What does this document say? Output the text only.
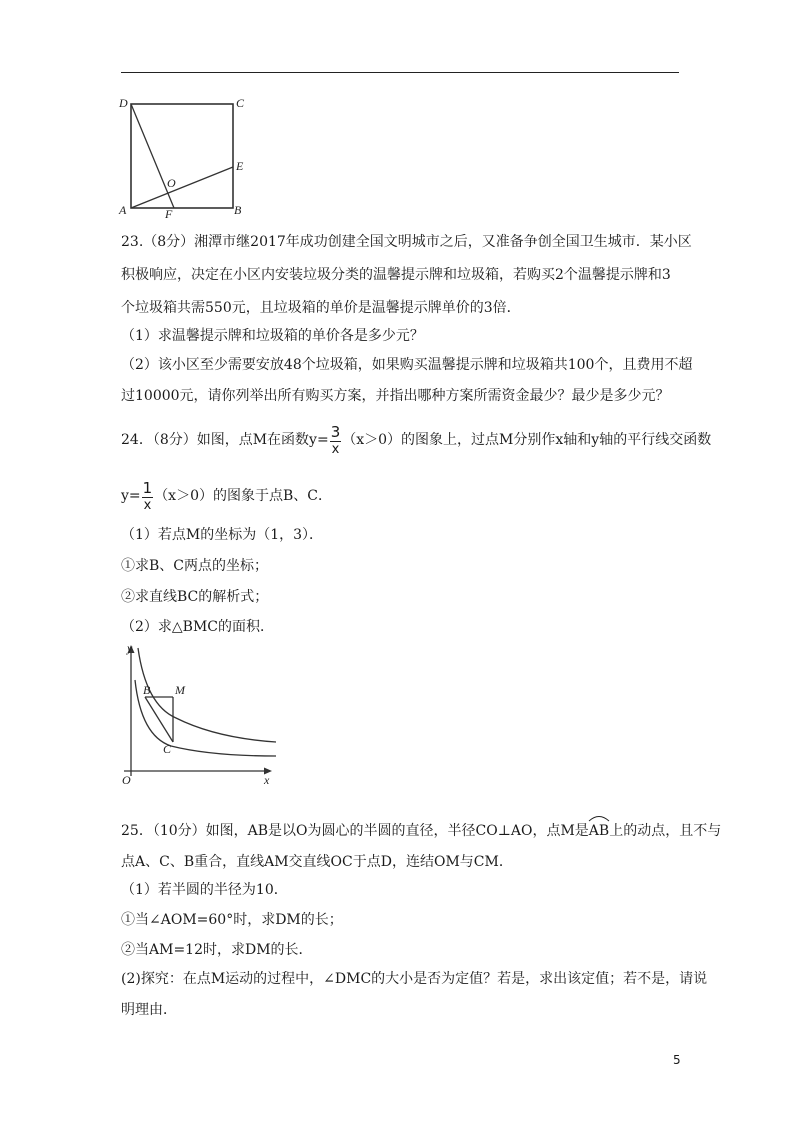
D	C
E
O
A	F	B
23.（8分）湘潭市继2017年成功创建全国文明城市之后，又准备争创全国卫生城市．某小区
积极响应，决定在小区内安装垃圾分类的温馨提示牌和垃圾箱，若购买2个温馨提示牌和3
个垃圾箱共需550元，且垃圾箱的单价是温馨提示牌单价的3倍．
（1）求温馨提示牌和垃圾箱的单价各是多少元？
（2）该小区至少需要安放48个垃圾箱，如果购买温馨提示牌和垃圾箱共100个，且费用不超
过10000元，请你列举出所有购买方案，并指出哪种方案所需资金最少？最少是多少元？
24．（8分）如图，点M在函数$y= \frac{3}{x} (x>0)$的图象上，过点M分别作x轴和y轴的平行线交函数
$y= \frac{1}{x} (x>0)$的图象于点B、C．
（1）若点M的坐标为（1，3）．
①求B、C两点的坐标；
②求直线BC的解析式；
（2）求△BMC的面积．
y
B M
C
O	x
25．（10分）如图，AB是以O为圆心的半圆的直径，半径CO⊥AO，点M是
AB上的动点，且不与
点A、C、B重合，直线AM交直线OC于点D，连结OM与CM．
（1）若半圆的半径为10．
①当∠AOM=60°时，求DM的长；
②当AM=12时，求DM的长．
(2)探究：在点M运动的过程中，∠DMC的大小是否为定值？若是，求出该定值；若不是，请说
明理由．
5
